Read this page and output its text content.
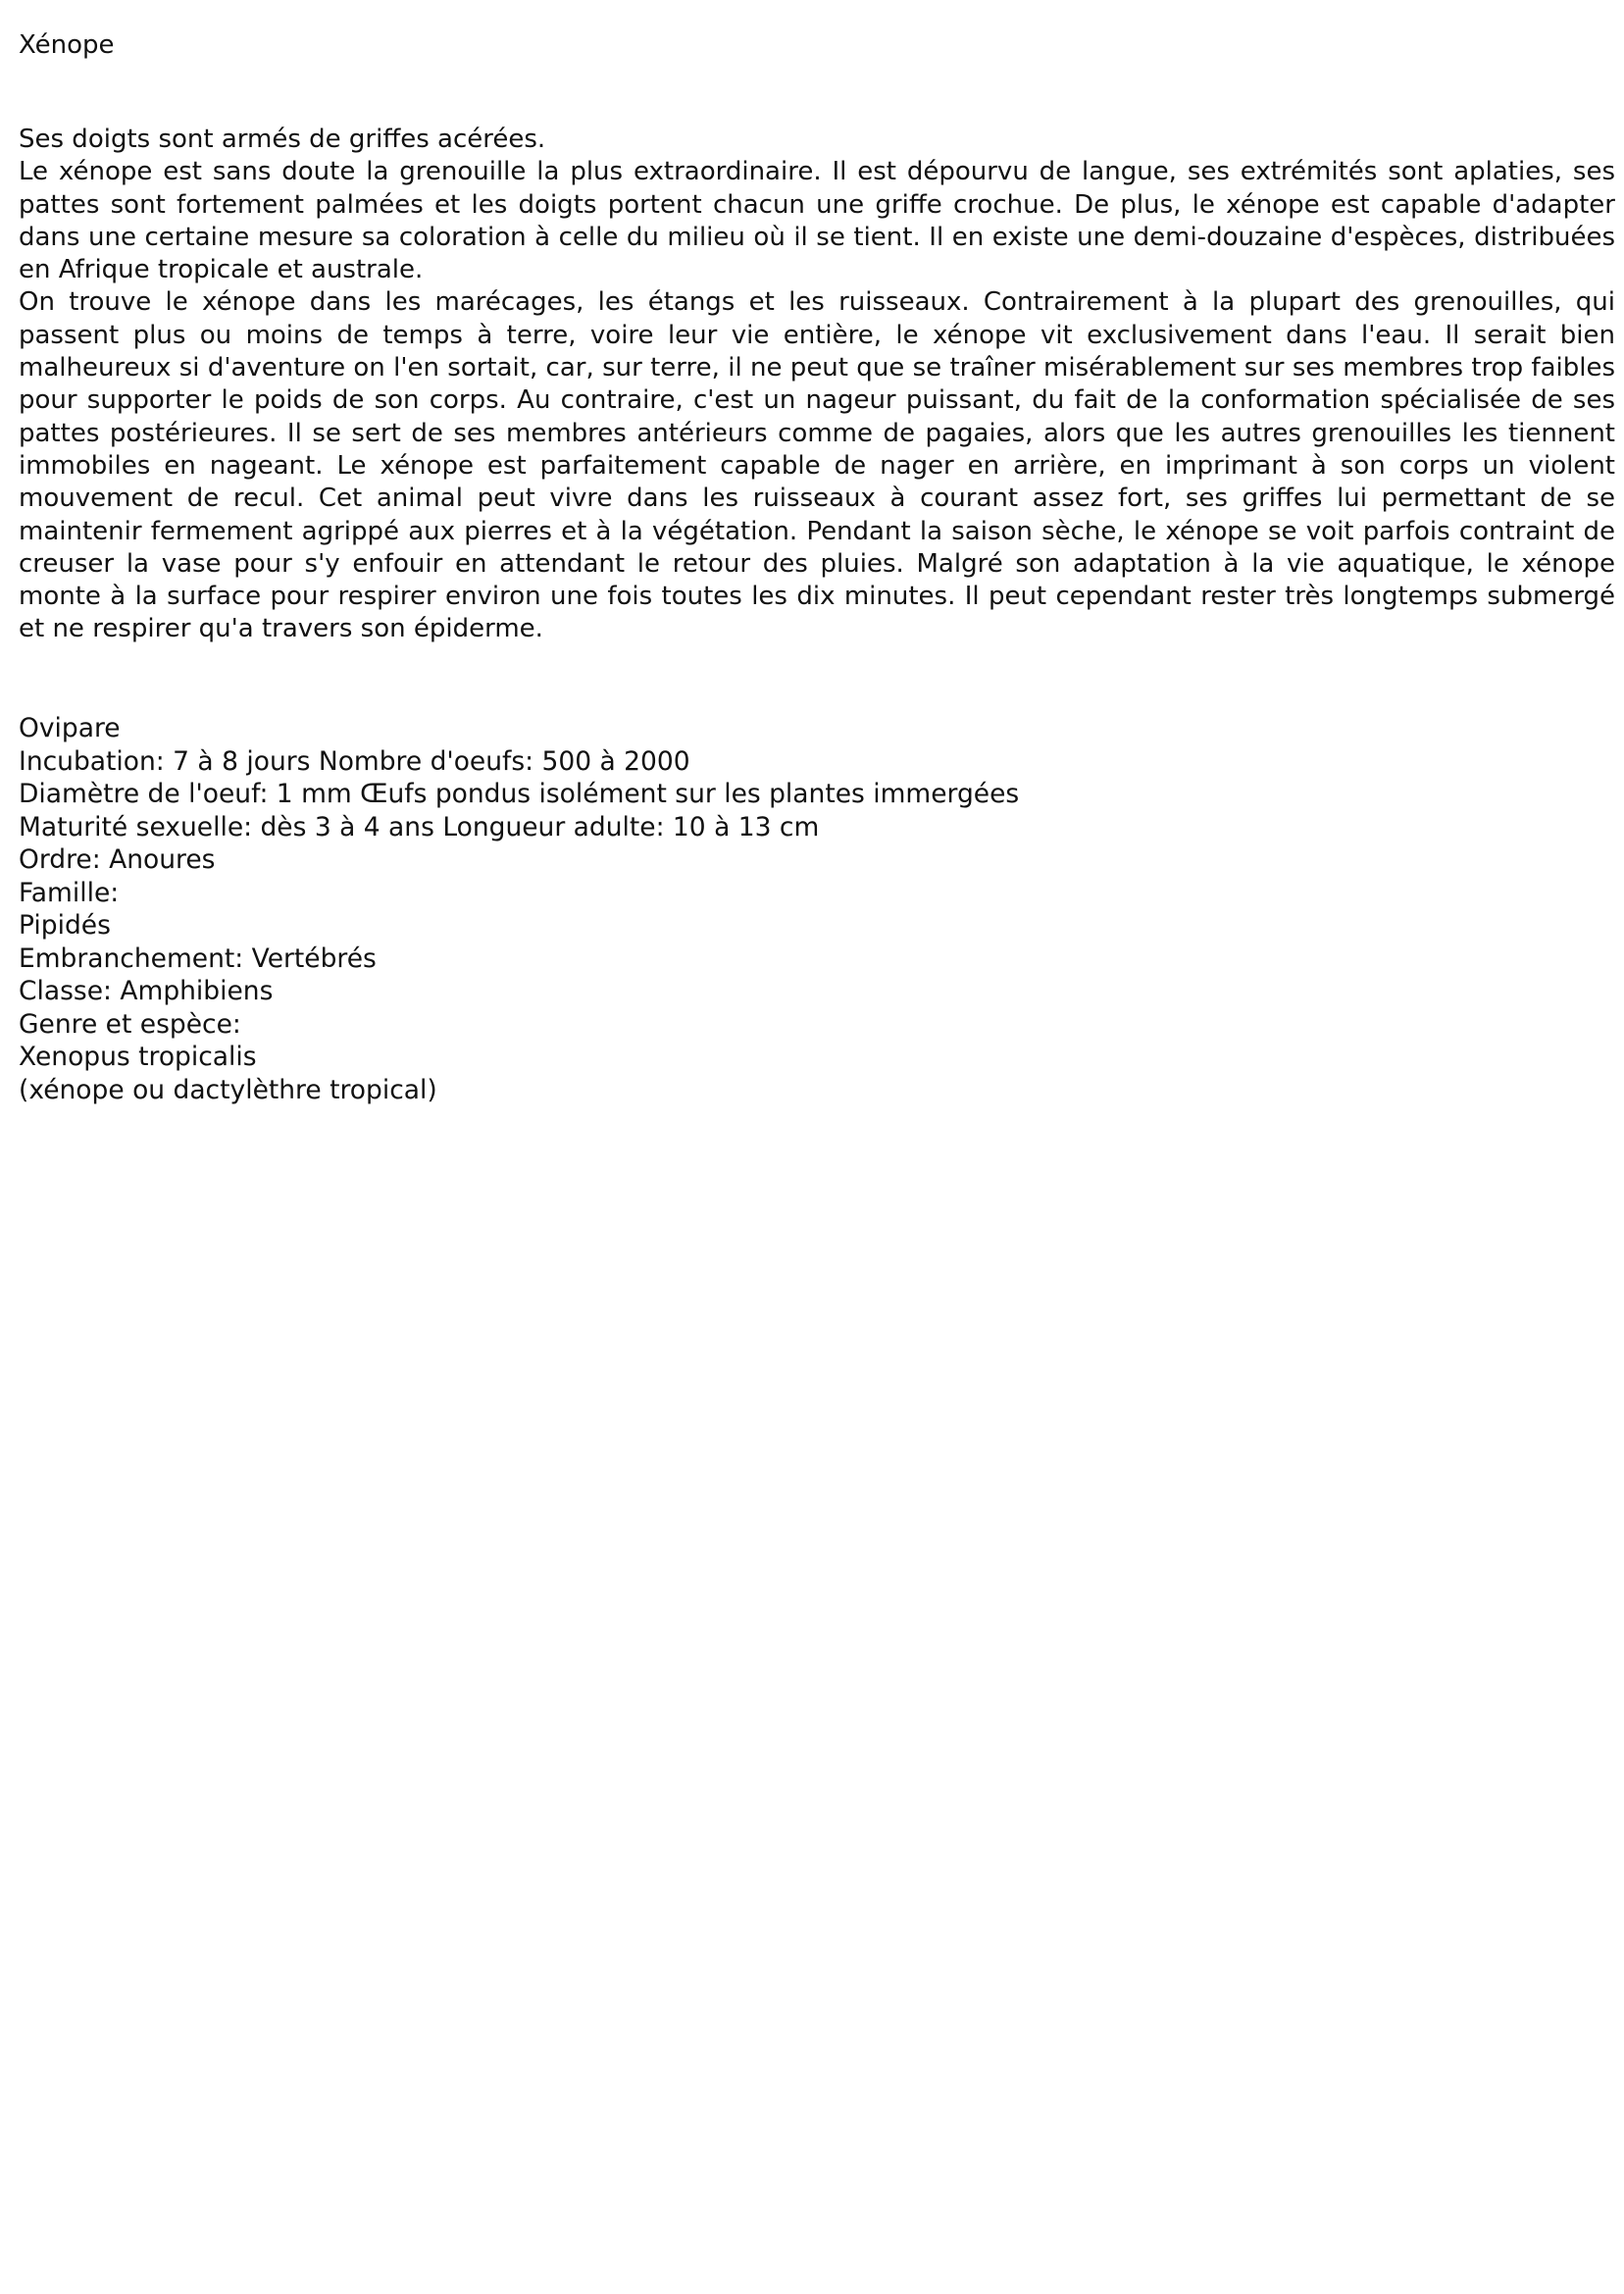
Xénope

Ses doigts sont armés de griffes acérées.

Le xénope est sans doute la grenouille la plus extraordinaire. Il est dépourvu de langue, ses extrémités sont aplaties, ses pattes sont fortement palmées et les doigts portent chacun une griffe crochue. De plus, le xénope est capable d'adapter dans une certaine mesure sa coloration à celle du milieu où il se tient. Il en existe une demi-douzaine d'espèces, distribuées en Afrique tropicale et australe.

On trouve le xénope dans les marécages, les étangs et les ruisseaux. Contrairement à la plupart des grenouilles, qui passent plus ou moins de temps à terre, voire leur vie entière, le xénope vit exclusivement dans l'eau. Il serait bien malheureux si d'aventure on l'en sortait, car, sur terre, il ne peut que se traîner misérablement sur ses membres trop faibles pour supporter le poids de son corps. Au contraire, c'est un nageur puissant, du fait de la conformation spécialisée de ses pattes postérieures. Il se sert de ses membres antérieurs comme de pagaies, alors que les autres grenouilles les tiennent immobiles en nageant. Le xénope est parfaitement capable de nager en arrière, en imprimant à son corps un violent mouvement de recul. Cet animal peut vivre dans les ruisseaux à courant assez fort, ses griffes lui permettant de se maintenir fermement agrippé aux pierres et à la végétation. Pendant la saison sèche, le xénope se voit parfois contraint de creuser la vase pour s'y enfouir en attendant le retour des pluies. Malgré son adaptation à la vie aquatique, le xénope monte à la surface pour respirer environ une fois toutes les dix minutes. Il peut cependant rester très longtemps submergé et ne respirer qu'a travers son épiderme.

Ovipare
Incubation: 7 à 8 jours Nombre d'oeufs: 500 à 2000
Diamètre de l'oeuf: 1 mm Œufs pondus isolément sur les plantes immergées
Maturité sexuelle: dès 3 à 4 ans Longueur adulte: 10 à 13 cm
Ordre: Anoures
Famille:
Pipidés
Embranchement: Vertébrés
Classe: Amphibiens
Genre et espèce:
Xenopus tropicalis
(xénope ou dactylèthre tropical)
